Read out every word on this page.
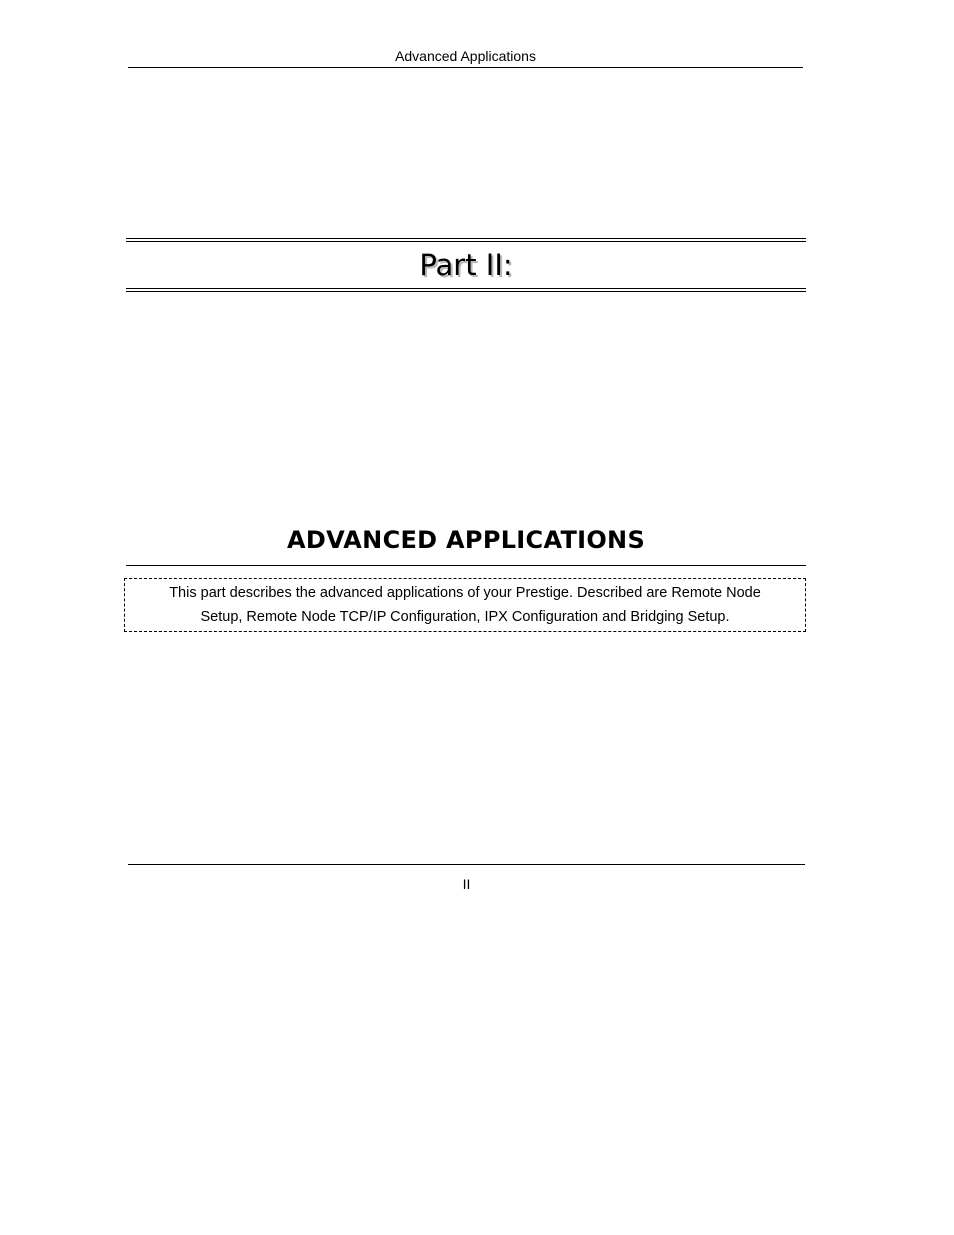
Advanced Applications
Part II:
ADVANCED APPLICATIONS

This part describes the advanced applications of your Prestige. Described are Remote Node

Setup, Remote Node TCP/IP Configuration, IPX Configuration and Bridging Setup.

II
